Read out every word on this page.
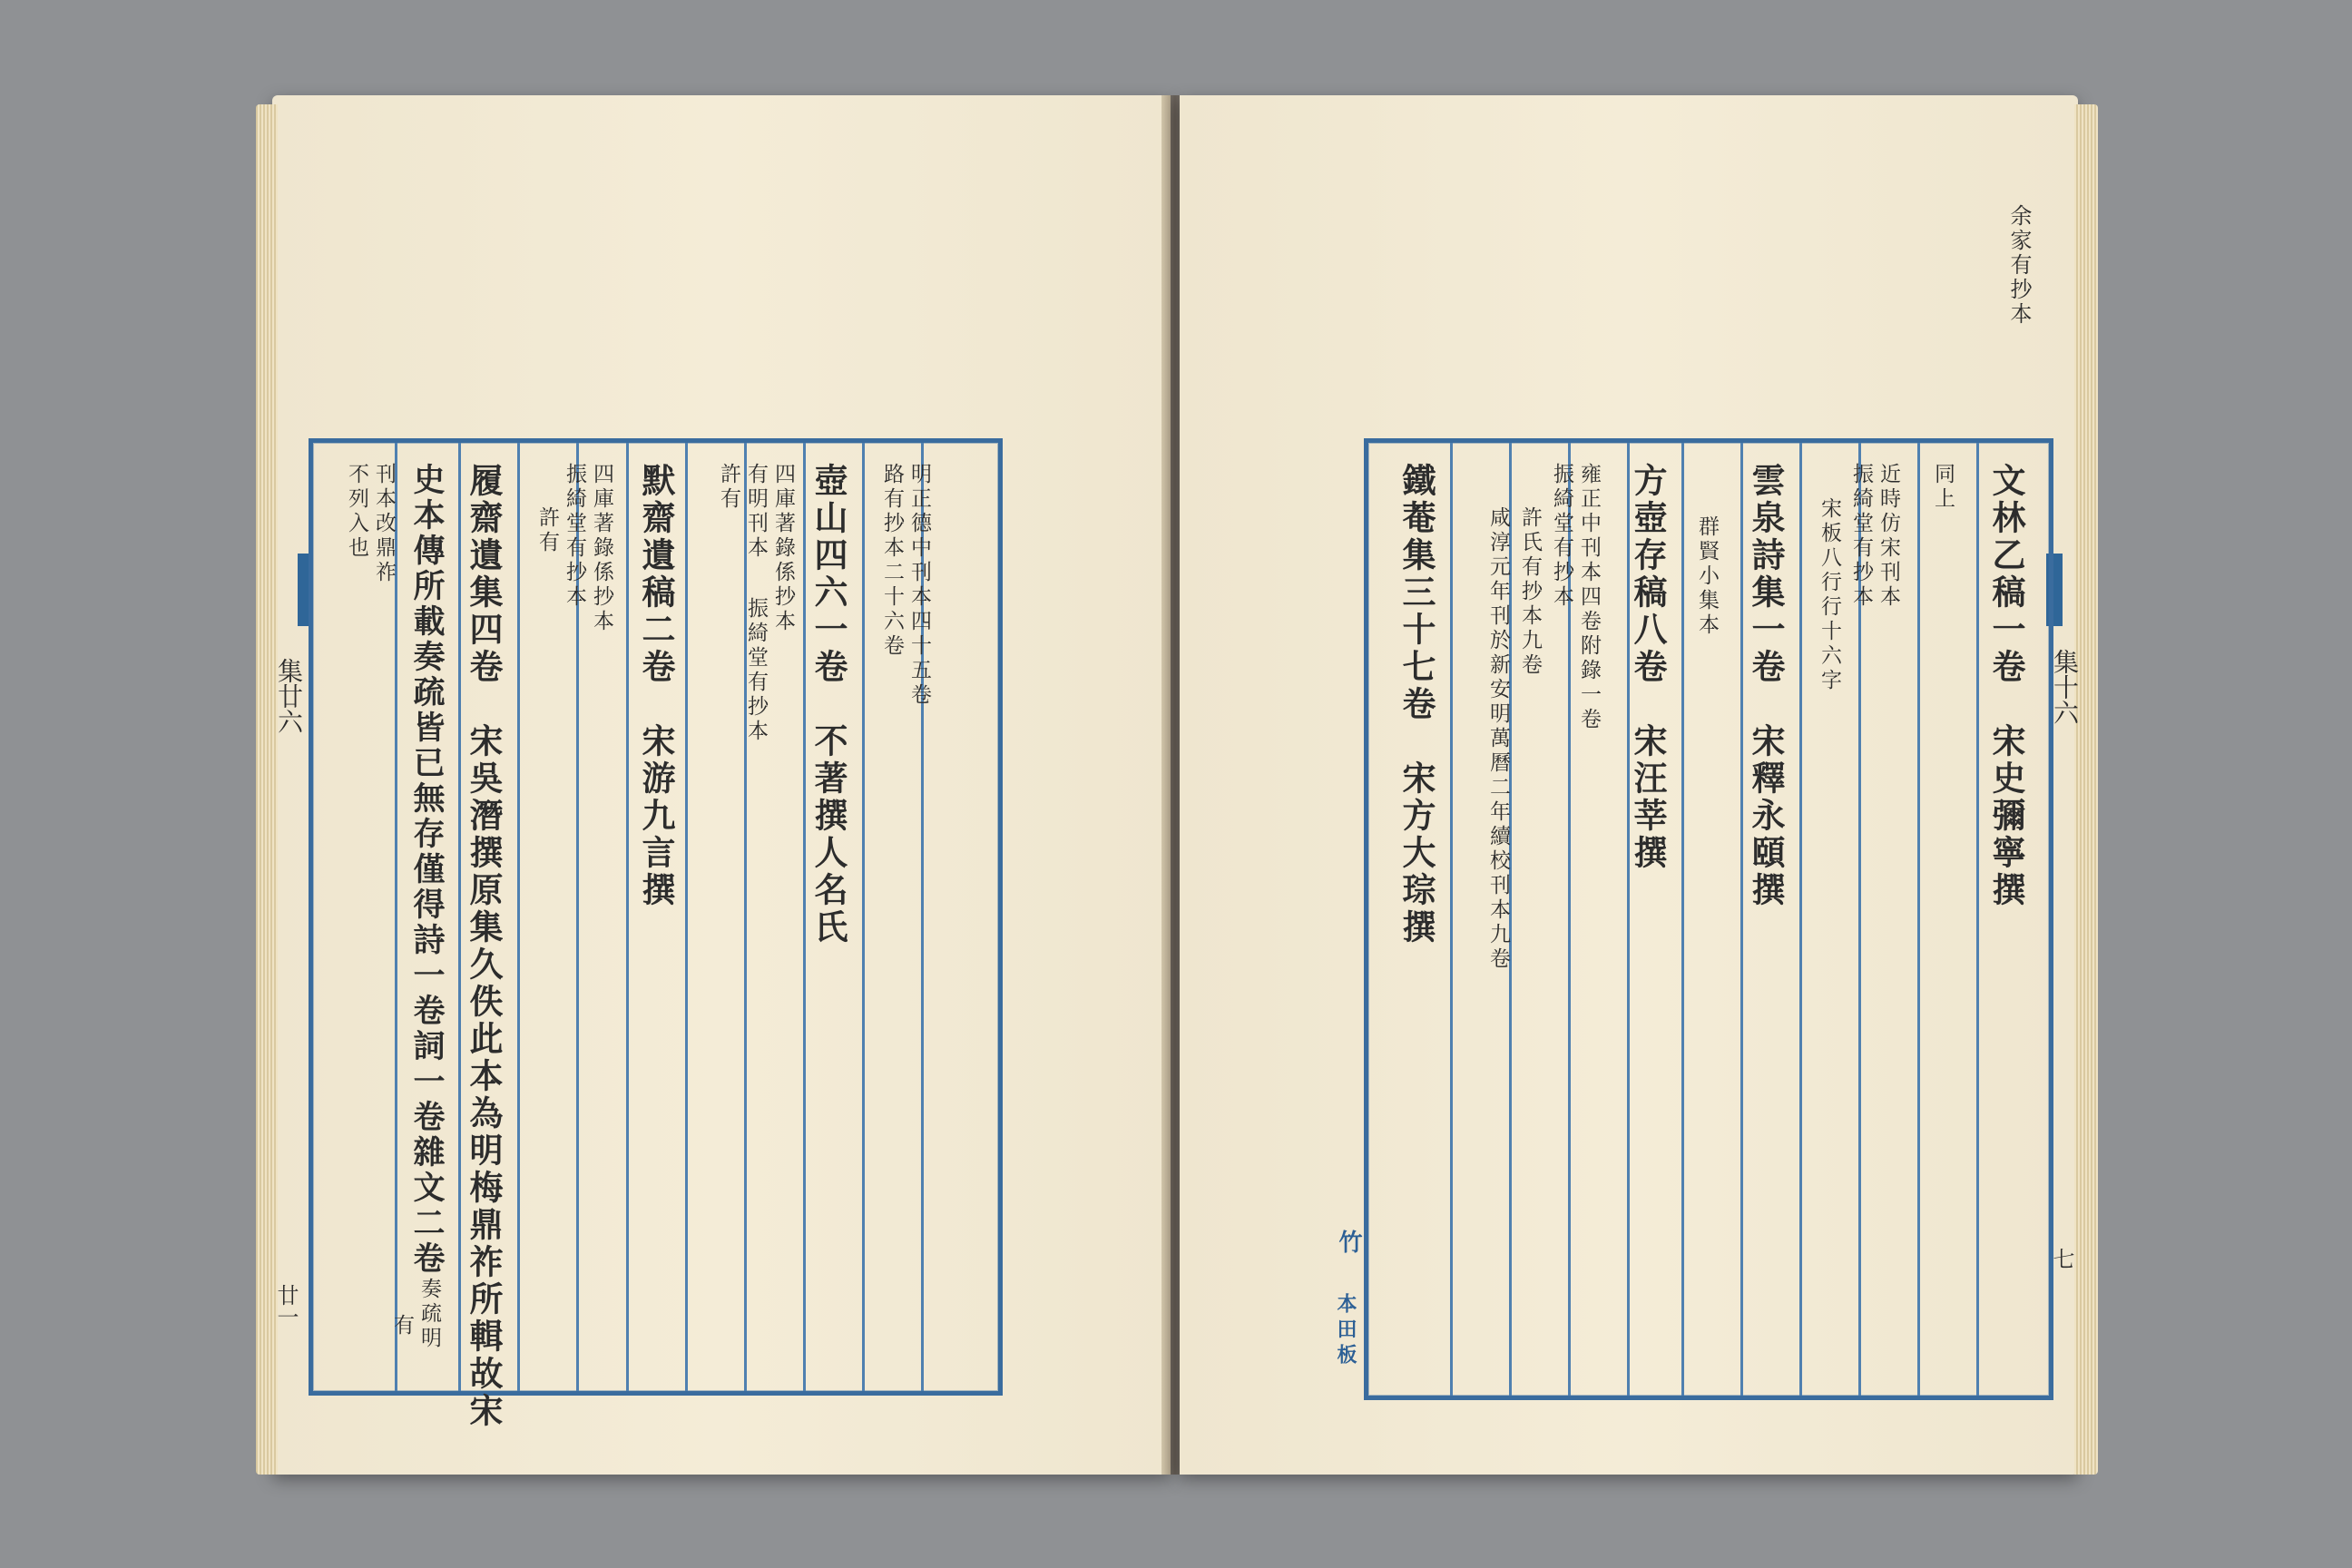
集廿六
廿一
壺山四六一卷　不著撰人名氏
路有抄本二十六卷 明正德中刊本四十五卷
四庫著錄係抄本
有明刊本
振綺堂有抄本
許有
默齋遺稿二卷　宋游九言撰
四庫著錄係抄本
振綺堂有抄本
許有
履齋遺集四卷　宋吳潛撰原集久佚此本為明梅鼎祚所輯故宋
史本傳所載奏疏皆已無存僅得詩一卷詞一卷雜文二卷
奏疏明
刊本改鼎祚
有
不列入也
余家有抄本
集十六
七
竹
本田板
文林乙稿一卷　宋史彌寧撰
同上
近時仿宋刊本
振綺堂有抄本
宋板八行行十六字
雲泉詩集一卷　宋釋永頤撰
群賢小集本
方壺存稿八卷　宋汪莘撰
雍正中刊本四卷附錄一卷
振綺堂有抄本
許氏有抄本九卷
咸淳元年刊於新安明萬曆二年續校刊本九卷
鐵菴集三十七卷　宋方大琮撰
